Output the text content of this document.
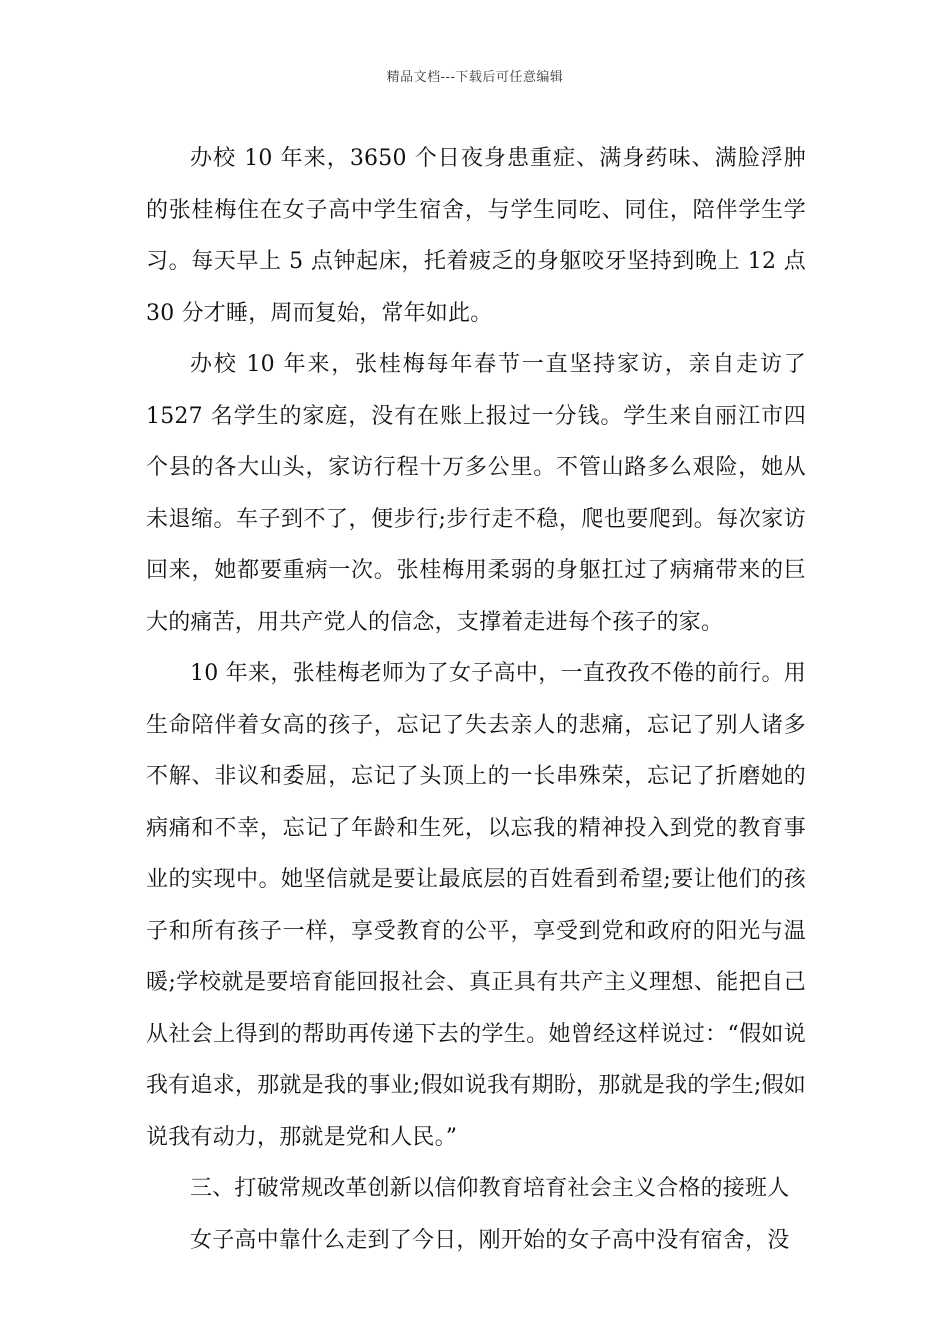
精品文档---下载后可任意编辑

办校 10 年来，3650 个日夜身患重症、满身药味、满脸浮肿的张桂梅住在女子高中学生宿舍，与学生同吃、同住，陪伴学生学习。每天早上 5 点钟起床，托着疲乏的身躯咬牙坚持到晚上 12 点 30 分才睡，周而复始，常年如此。

办校 10 年来，张桂梅每年春节一直坚持家访，亲自走访了 1527 名学生的家庭，没有在账上报过一分钱。学生来自丽江市四个县的各大山头，家访行程十万多公里。不管山路多么艰险，她从未退缩。车子到不了，便步行;步行走不稳，爬也要爬到。每次家访回来，她都要重病一次。张桂梅用柔弱的身躯扛过了病痛带来的巨大的痛苦，用共产党人的信念，支撑着走进每个孩子的家。

10 年来，张桂梅老师为了女子高中，一直孜孜不倦的前行。用生命陪伴着女高的孩子，忘记了失去亲人的悲痛，忘记了别人诸多不解、非议和委屈，忘记了头顶上的一长串殊荣，忘记了折磨她的病痛和不幸，忘记了年龄和生死，以忘我的精神投入到党的教育事业的实现中。她坚信就是要让最底层的百姓看到希望;要让他们的孩子和所有孩子一样，享受教育的公平，享受到党和政府的阳光与温暖;学校就是要培育能回报社会、真正具有共产主义理想、能把自己从社会上得到的帮助再传递下去的学生。她曾经这样说过：“假如说我有追求，那就是我的事业;假如说我有期盼，那就是我的学生;假如说我有动力，那就是党和人民。”

三、打破常规改革创新以信仰教育培育社会主义合格的接班人

女子高中靠什么走到了今日，刚开始的女子高中没有宿舍，没
